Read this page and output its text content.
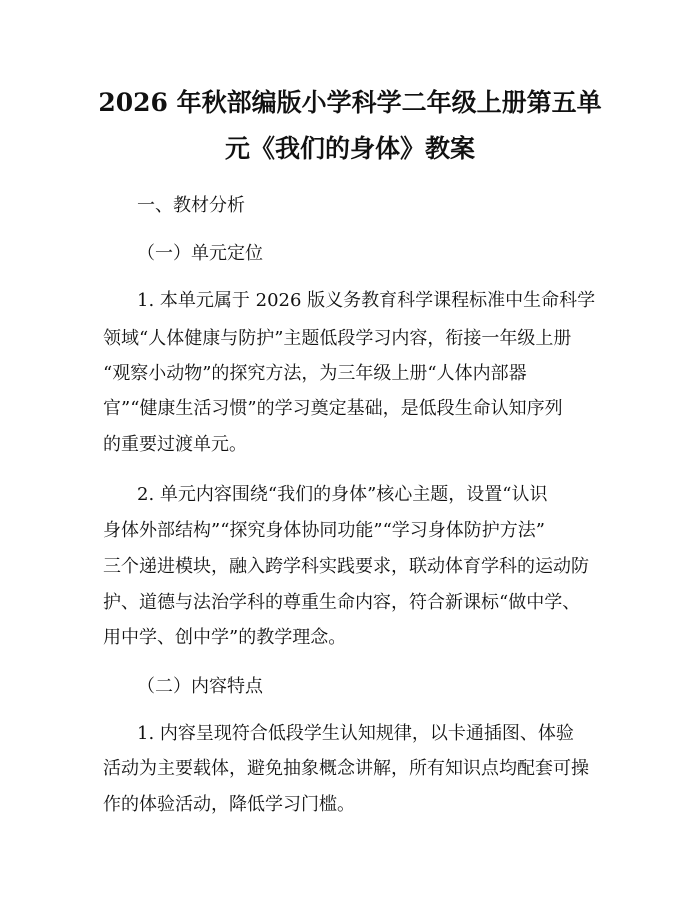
2026 年秋部编版小学科学二年级上册第五单
元《我们的身体》教案
一、教材分析
（一）单元定位
1. 本单元属于 2026 版义务教育科学课程标准中生命科学
领域“人体健康与防护”主题低段学习内容，衔接一年级上册
“观察小动物”的探究方法，为三年级上册“人体内部器
官”“健康生活习惯”的学习奠定基础，是低段生命认知序列
的重要过渡单元。
2. 单元内容围绕“我们的身体”核心主题，设置“认识
身体外部结构”“探究身体协同功能”“学习身体防护方法”
三个递进模块，融入跨学科实践要求，联动体育学科的运动防
护、道德与法治学科的尊重生命内容，符合新课标“做中学、
用中学、创中学”的教学理念。
（二）内容特点
1. 内容呈现符合低段学生认知规律，以卡通插图、体验
活动为主要载体，避免抽象概念讲解，所有知识点均配套可操
作的体验活动，降低学习门槛。
